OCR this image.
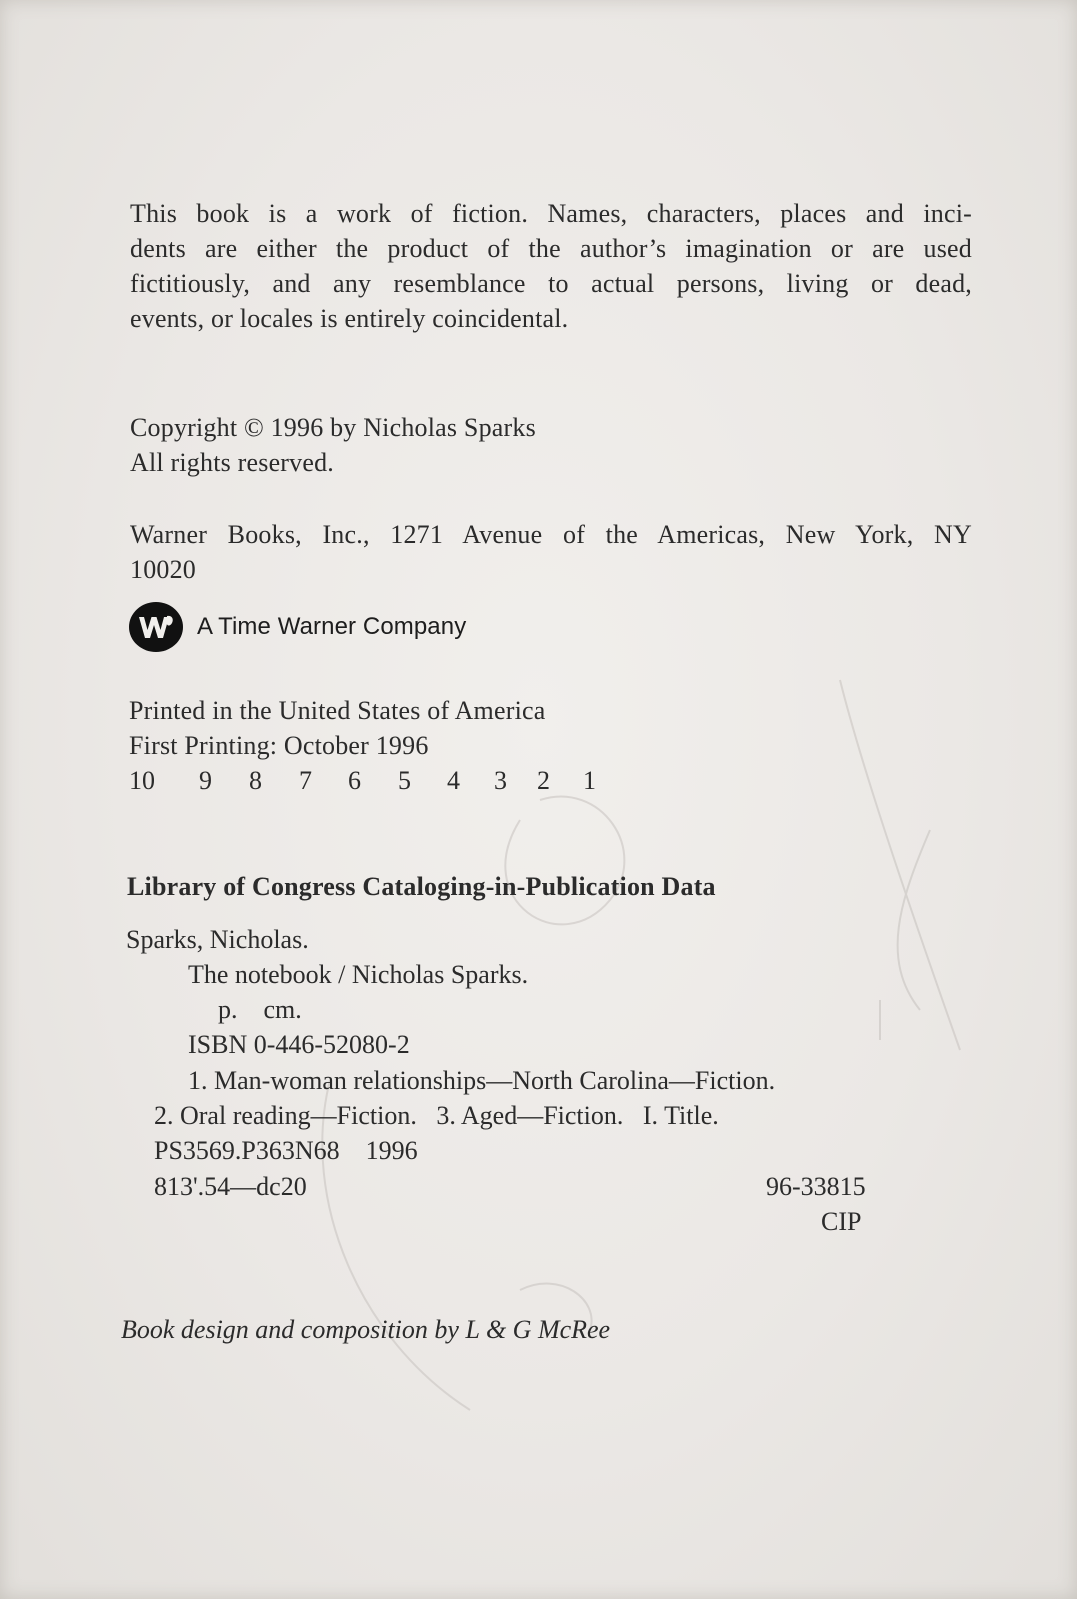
This book is a work of fiction. Names, characters, places and inci-
dents are either the product of the author’s imagination or are used
fictitiously, and any resemblance to actual persons, living or dead,
events, or locales is entirely coincidental.
Copyright © 1996 by Nicholas Sparks
All rights reserved.
Warner Books, Inc., 1271 Avenue of the Americas, New York, NY
10020
A Time Warner Company
Printed in the United States of America
First Printing: October 1996
10	9	8	7	6	5	4	3	2	1
Library of Congress Cataloging-in-Publication Data
Sparks, Nicholas.
The notebook / Nicholas Sparks.
p.    cm.
ISBN 0-446-52080-2
1. Man-woman relationships—North Carolina—Fiction.
2. Oral reading—Fiction.   3. Aged—Fiction.   I. Title.
PS3569.P363N68    1996
813'.54—dc20	96-33815
CIP
Book design and composition by L & G McRee
